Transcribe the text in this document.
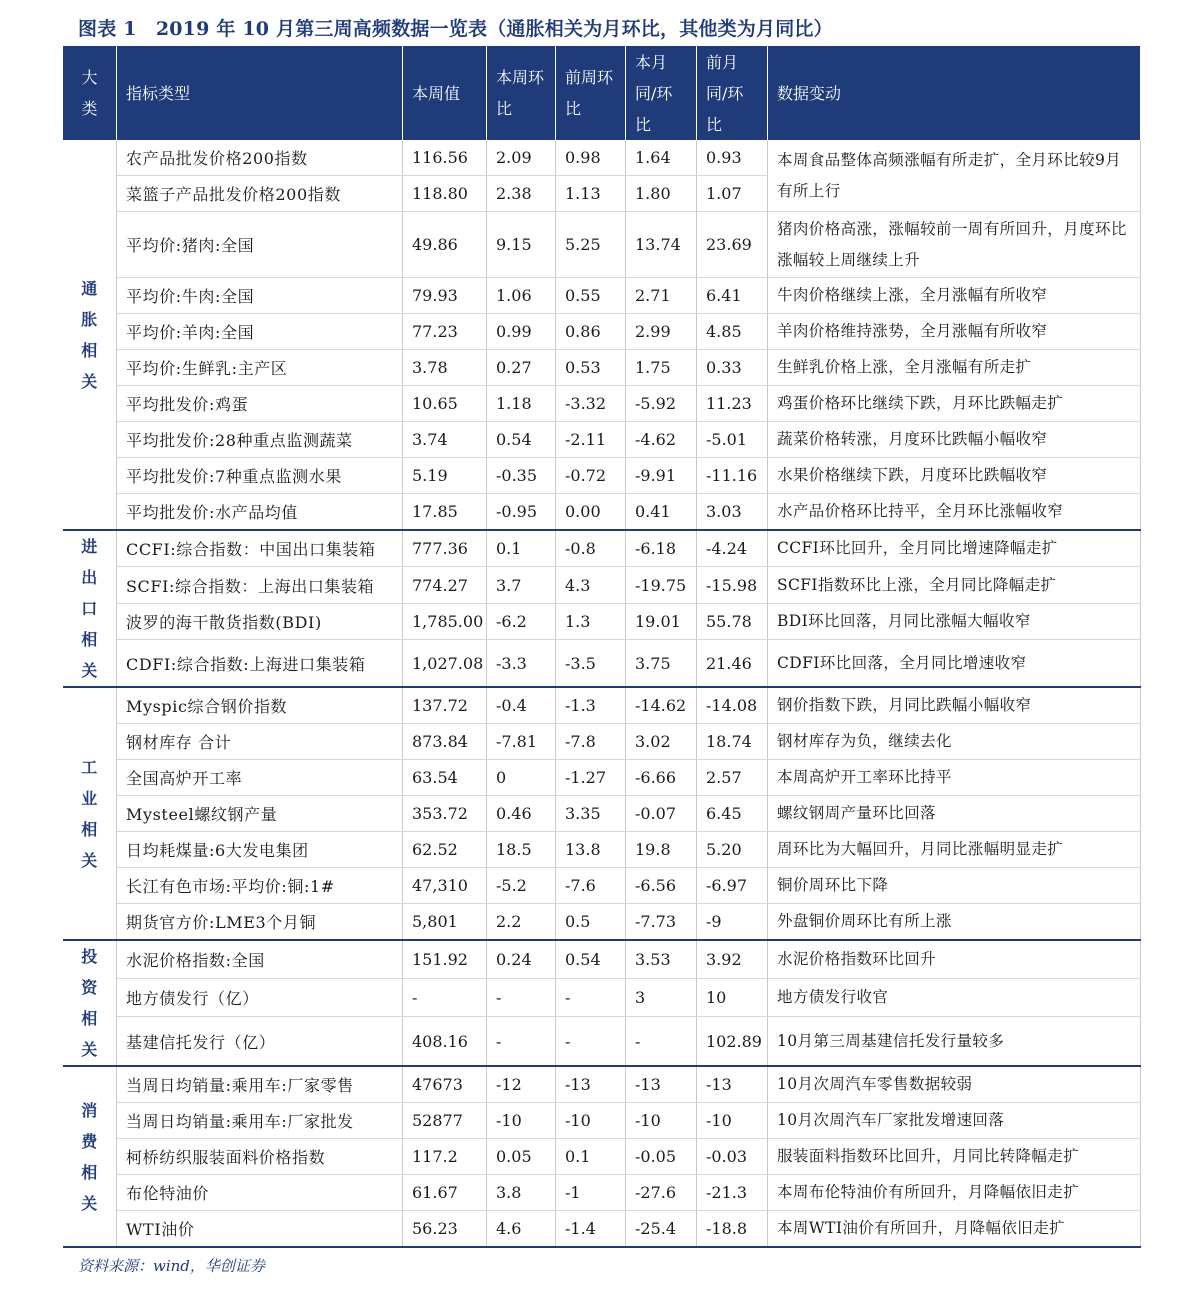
图表 1　2019 年 10 月第三周高频数据一览表（通胀相关为月环比，其他类为月同比）
大类	指标类型	本周值	本周环比	前周环比	本月同/环比	前月同/环比	数据变动
通胀相关	农产品批发价格200指数	116.56	2.09	0.98	1.64	0.93	本周食品整体高频涨幅有所走扩，全月环比较9月有所上行
	菜篮子产品批发价格200指数	118.80	2.38	1.13	1.80	1.07	
	平均价:猪肉:全国	49.86	9.15	5.25	13.74	23.69	猪肉价格高涨，涨幅较前一周有所回升，月度环比涨幅较上周继续上升
	平均价:牛肉:全国	79.93	1.06	0.55	2.71	6.41	牛肉价格继续上涨，全月涨幅有所收窄
	平均价:羊肉:全国	77.23	0.99	0.86	2.99	4.85	羊肉价格维持涨势，全月涨幅有所收窄
	平均价:生鲜乳:主产区	3.78	0.27	0.53	1.75	0.33	生鲜乳价格上涨，全月涨幅有所走扩
	平均批发价:鸡蛋	10.65	1.18	-3.32	-5.92	11.23	鸡蛋价格环比继续下跌，月环比跌幅走扩
	平均批发价:28种重点监测蔬菜	3.74	0.54	-2.11	-4.62	-5.01	蔬菜价格转涨，月度环比跌幅小幅收窄
	平均批发价:7种重点监测水果	5.19	-0.35	-0.72	-9.91	-11.16	水果价格继续下跌，月度环比跌幅收窄
	平均批发价:水产品均值	17.85	-0.95	0.00	0.41	3.03	水产品价格环比持平，全月环比涨幅收窄
进出口相关	CCFI:综合指数：中国出口集装箱	777.36	0.1	-0.8	-6.18	-4.24	CCFI环比回升，全月同比增速降幅走扩
	SCFI:综合指数：上海出口集装箱	774.27	3.7	4.3	-19.75	-15.98	SCFI指数环比上涨，全月同比降幅走扩
	波罗的海干散货指数(BDI)	1,785.00	-6.2	1.3	19.01	55.78	BDI环比回落，月同比涨幅大幅收窄
	CDFI:综合指数:上海进口集装箱	1,027.08	-3.3	-3.5	3.75	21.46	CDFI环比回落，全月同比增速收窄
工业相关	Myspic综合钢价指数	137.72	-0.4	-1.3	-14.62	-14.08	钢价指数下跌，月同比跌幅小幅收窄
	钢材库存 合计	873.84	-7.81	-7.8	3.02	18.74	钢材库存为负，继续去化
	全国高炉开工率	63.54	0	-1.27	-6.66	2.57	本周高炉开工率环比持平
	Mysteel螺纹钢产量	353.72	0.46	3.35	-0.07	6.45	螺纹钢周产量环比回落
	日均耗煤量:6大发电集团	62.52	18.5	13.8	19.8	5.20	周环比为大幅回升，月同比涨幅明显走扩
	长江有色市场:平均价:铜:1#	47,310	-5.2	-7.6	-6.56	-6.97	铜价周环比下降
	期货官方价:LME3个月铜	5,801	2.2	0.5	-7.73	-9	外盘铜价周环比有所上涨
投资相关	水泥价格指数:全国	151.92	0.24	0.54	3.53	3.92	水泥价格指数环比回升
	地方债发行（亿）	-	-	-	3	10	地方债发行收官
	基建信托发行（亿）	408.16	-	-	-	102.89	10月第三周基建信托发行量较多
消费相关	当周日均销量:乘用车:厂家零售	47673	-12	-13	-13	-13	10月次周汽车零售数据较弱
	当周日均销量:乘用车:厂家批发	52877	-10	-10	-10	-10	10月次周汽车厂家批发增速回落
	柯桥纺织服装面料价格指数	117.2	0.05	0.1	-0.05	-0.03	服装面料指数环比回升，月同比转降幅走扩
	布伦特油价	61.67	3.8	-1	-27.6	-21.3	本周布伦特油价有所回升，月降幅依旧走扩
	WTI油价	56.23	4.6	-1.4	-25.4	-18.8	本周WTI油价有所回升，月降幅依旧走扩
资料来源：wind，华创证券
